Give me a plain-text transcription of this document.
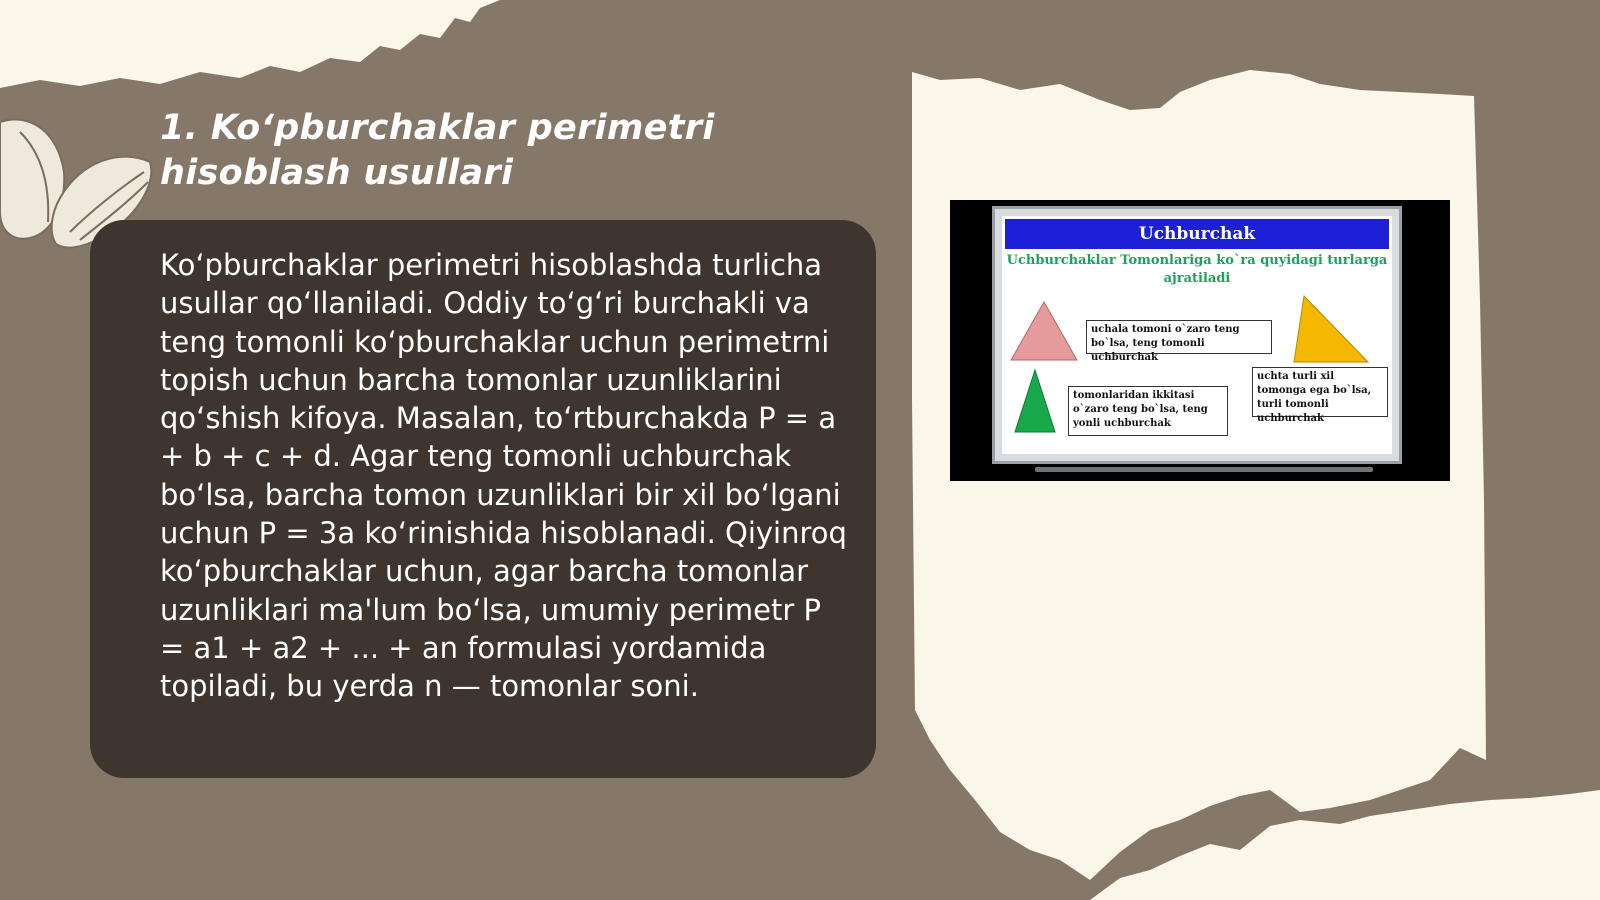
1. Ko‘pburchaklar perimetri hisoblash usullari
Ko‘pburchaklar perimetri hisoblashda turlicha usullar qo‘llaniladi. Oddiy to‘g‘ri burchakli va teng tomonli ko‘pburchaklar uchun perimetrni topish uchun barcha tomonlar uzunliklarini qo‘shish kifoya. Masalan, to‘rtburchakda P = a + b + c + d. Agar teng tomonli uchburchak bo‘lsa, barcha tomon uzunliklari bir xil bo‘lgani uchun P = 3a ko‘rinishida hisoblanadi. Qiyinroq ko‘pburchaklar uchun, agar barcha tomonlar uzunliklari ma'lum bo‘lsa, umumiy perimetr P = a1 + a2 + ... + an formulasi yordamida topiladi, bu yerda n — tomonlar soni.
Uchburchak
Uchburchaklar Tomonlariga ko`ra quyidagi turlarga ajratiladi
uchala tomoni o`zaro teng bo`lsa, teng tomonli uchburchak
tomonlaridan ikkitasi o`zaro teng bo`lsa, teng yonli uchburchak
uchta turli xil tomonga ega bo`lsa, turli tomonli uchburchak
